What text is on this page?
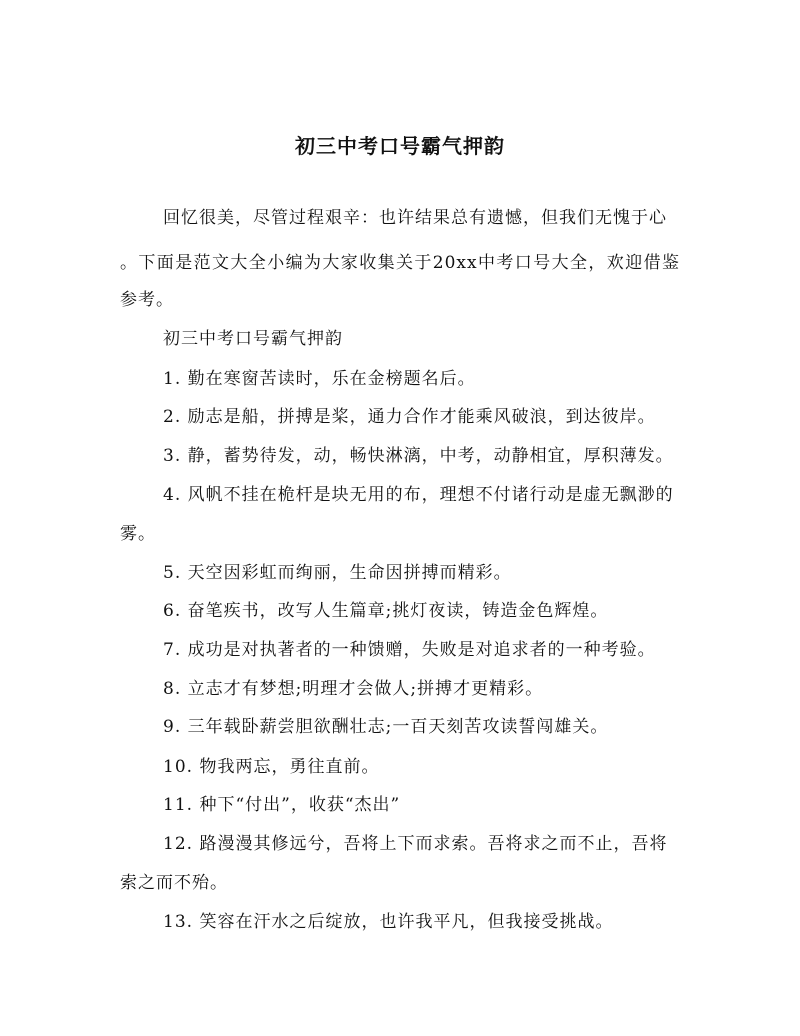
初三中考口号霸气押韵
回忆很美，尽管过程艰辛：也许结果总有遗憾，但我们无愧于心
。下面是范文大全小编为大家收集关于20xx中考口号大全，欢迎借鉴
参考。
初三中考口号霸气押韵
1. 勤在寒窗苦读时，乐在金榜题名后。
2. 励志是船，拼搏是桨，通力合作才能乘风破浪，到达彼岸。
3. 静，蓄势待发，动，畅快淋漓，中考，动静相宜，厚积薄发。
4. 风帆不挂在桅杆是块无用的布，理想不付诸行动是虚无飘渺的
雾。
5. 天空因彩虹而绚丽，生命因拼搏而精彩。
6. 奋笔疾书，改写人生篇章;挑灯夜读，铸造金色辉煌。
7. 成功是对执著者的一种馈赠，失败是对追求者的一种考验。
8. 立志才有梦想;明理才会做人;拼搏才更精彩。
9. 三年载卧薪尝胆欲酬壮志;一百天刻苦攻读誓闯雄关。
10. 物我两忘，勇往直前。
11. 种下“付出”，收获“杰出”
12. 路漫漫其修远兮，吾将上下而求索。吾将求之而不止，吾将
索之而不殆。
13. 笑容在汗水之后绽放，也许我平凡，但我接受挑战。
